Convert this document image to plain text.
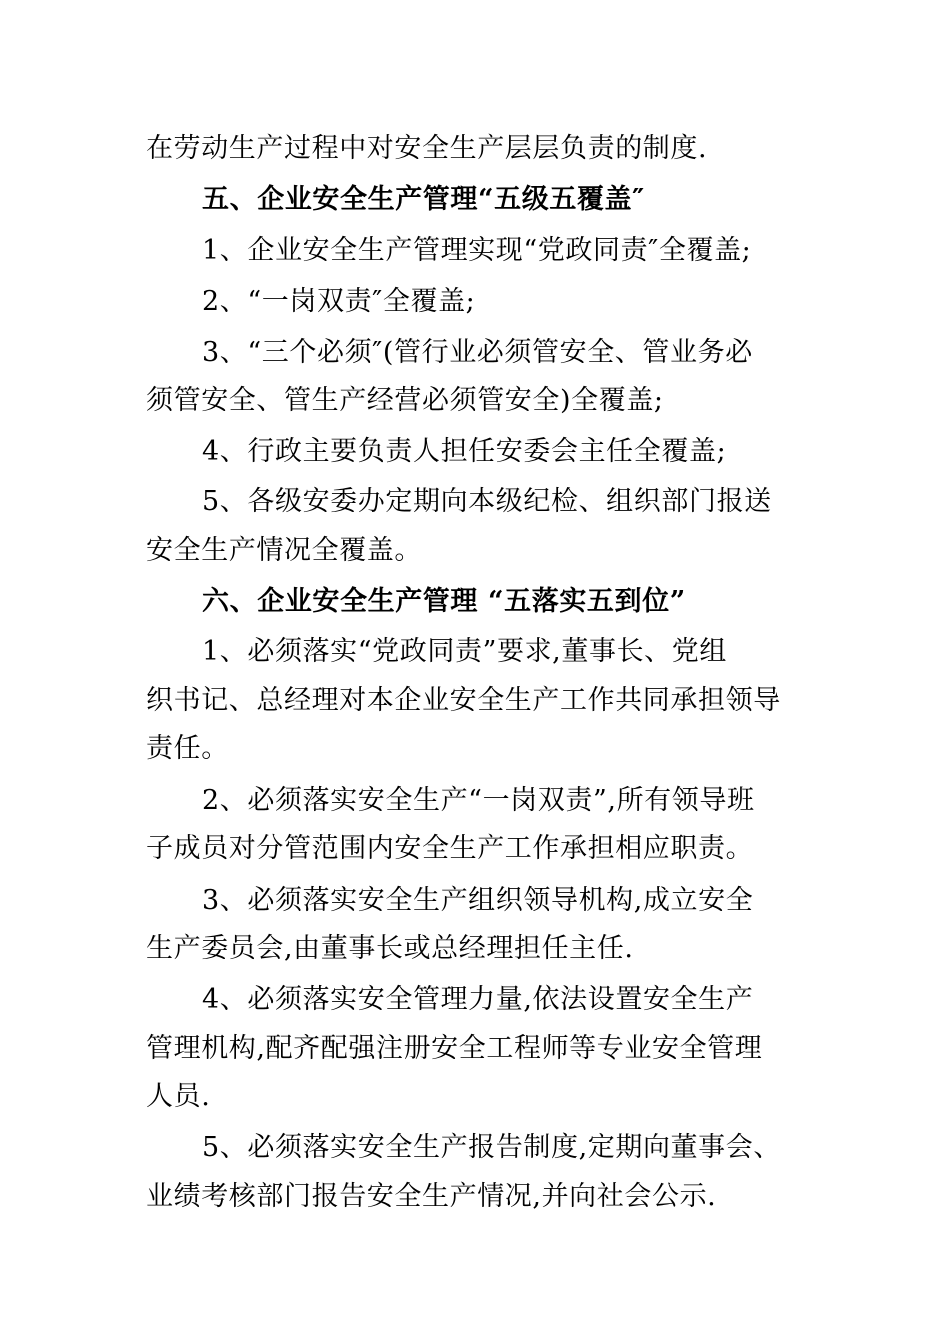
在劳动生产过程中对安全生产层层负责的制度.
五、企业安全生产管理“五级五覆盖″
1、企业安全生产管理实现“党政同责″全覆盖;
2、“一岗双责″全覆盖;
3、“三个必须″(管行业必须管安全、管业务必
须管安全、管生产经营必须管安全)全覆盖;
4、行政主要负责人担任安委会主任全覆盖;
5、各级安委办定期向本级纪检、组织部门报送
安全生产情况全覆盖。
六、企业安全生产管理 “五落实五到位”
1、必须落实“党政同责”要求,董事长、党组
织书记、总经理对本企业安全生产工作共同承担领导
责任。
2、必须落实安全生产“一岗双责”,所有领导班
子成员对分管范围内安全生产工作承担相应职责。
3、必须落实安全生产组织领导机构,成立安全
生产委员会,由董事长或总经理担任主任.
4、必须落实安全管理力量,依法设置安全生产
管理机构,配齐配强注册安全工程师等专业安全管理
人员.
5、必须落实安全生产报告制度,定期向董事会、
业绩考核部门报告安全生产情况,并向社会公示.
